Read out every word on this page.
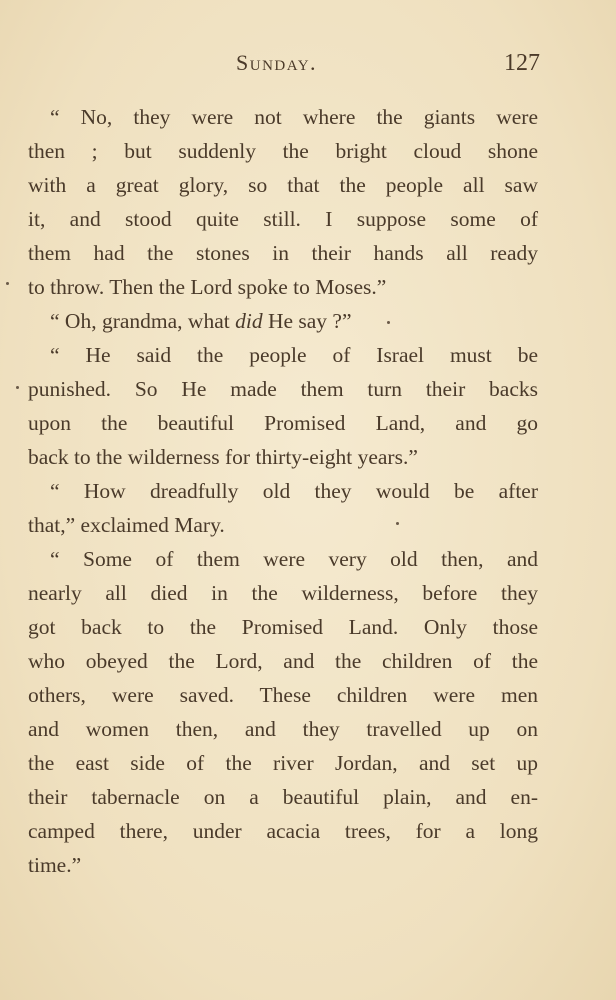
Sunday.	127
“ No, they were not where the giants were
then ; but suddenly the bright cloud shone
with a great glory, so that the people all saw
it, and stood quite still. I suppose some of
them had the stones in their hands all ready
to throw. Then the Lord spoke to Moses.”
“ Oh, grandma, what did He say ?”
“ He said the people of Israel must be
punished. So He made them turn their backs
upon the beautiful Promised Land, and go
back to the wilderness for thirty-eight years.”
“ How dreadfully old they would be after
that,” exclaimed Mary.
“ Some of them were very old then, and
nearly all died in the wilderness, before they
got back to the Promised Land. Only those
who obeyed the Lord, and the children of the
others, were saved. These children were men
and women then, and they travelled up on
the east side of the river Jordan, and set up
their tabernacle on a beautiful plain, and en-
camped there, under acacia trees, for a long
time.”
